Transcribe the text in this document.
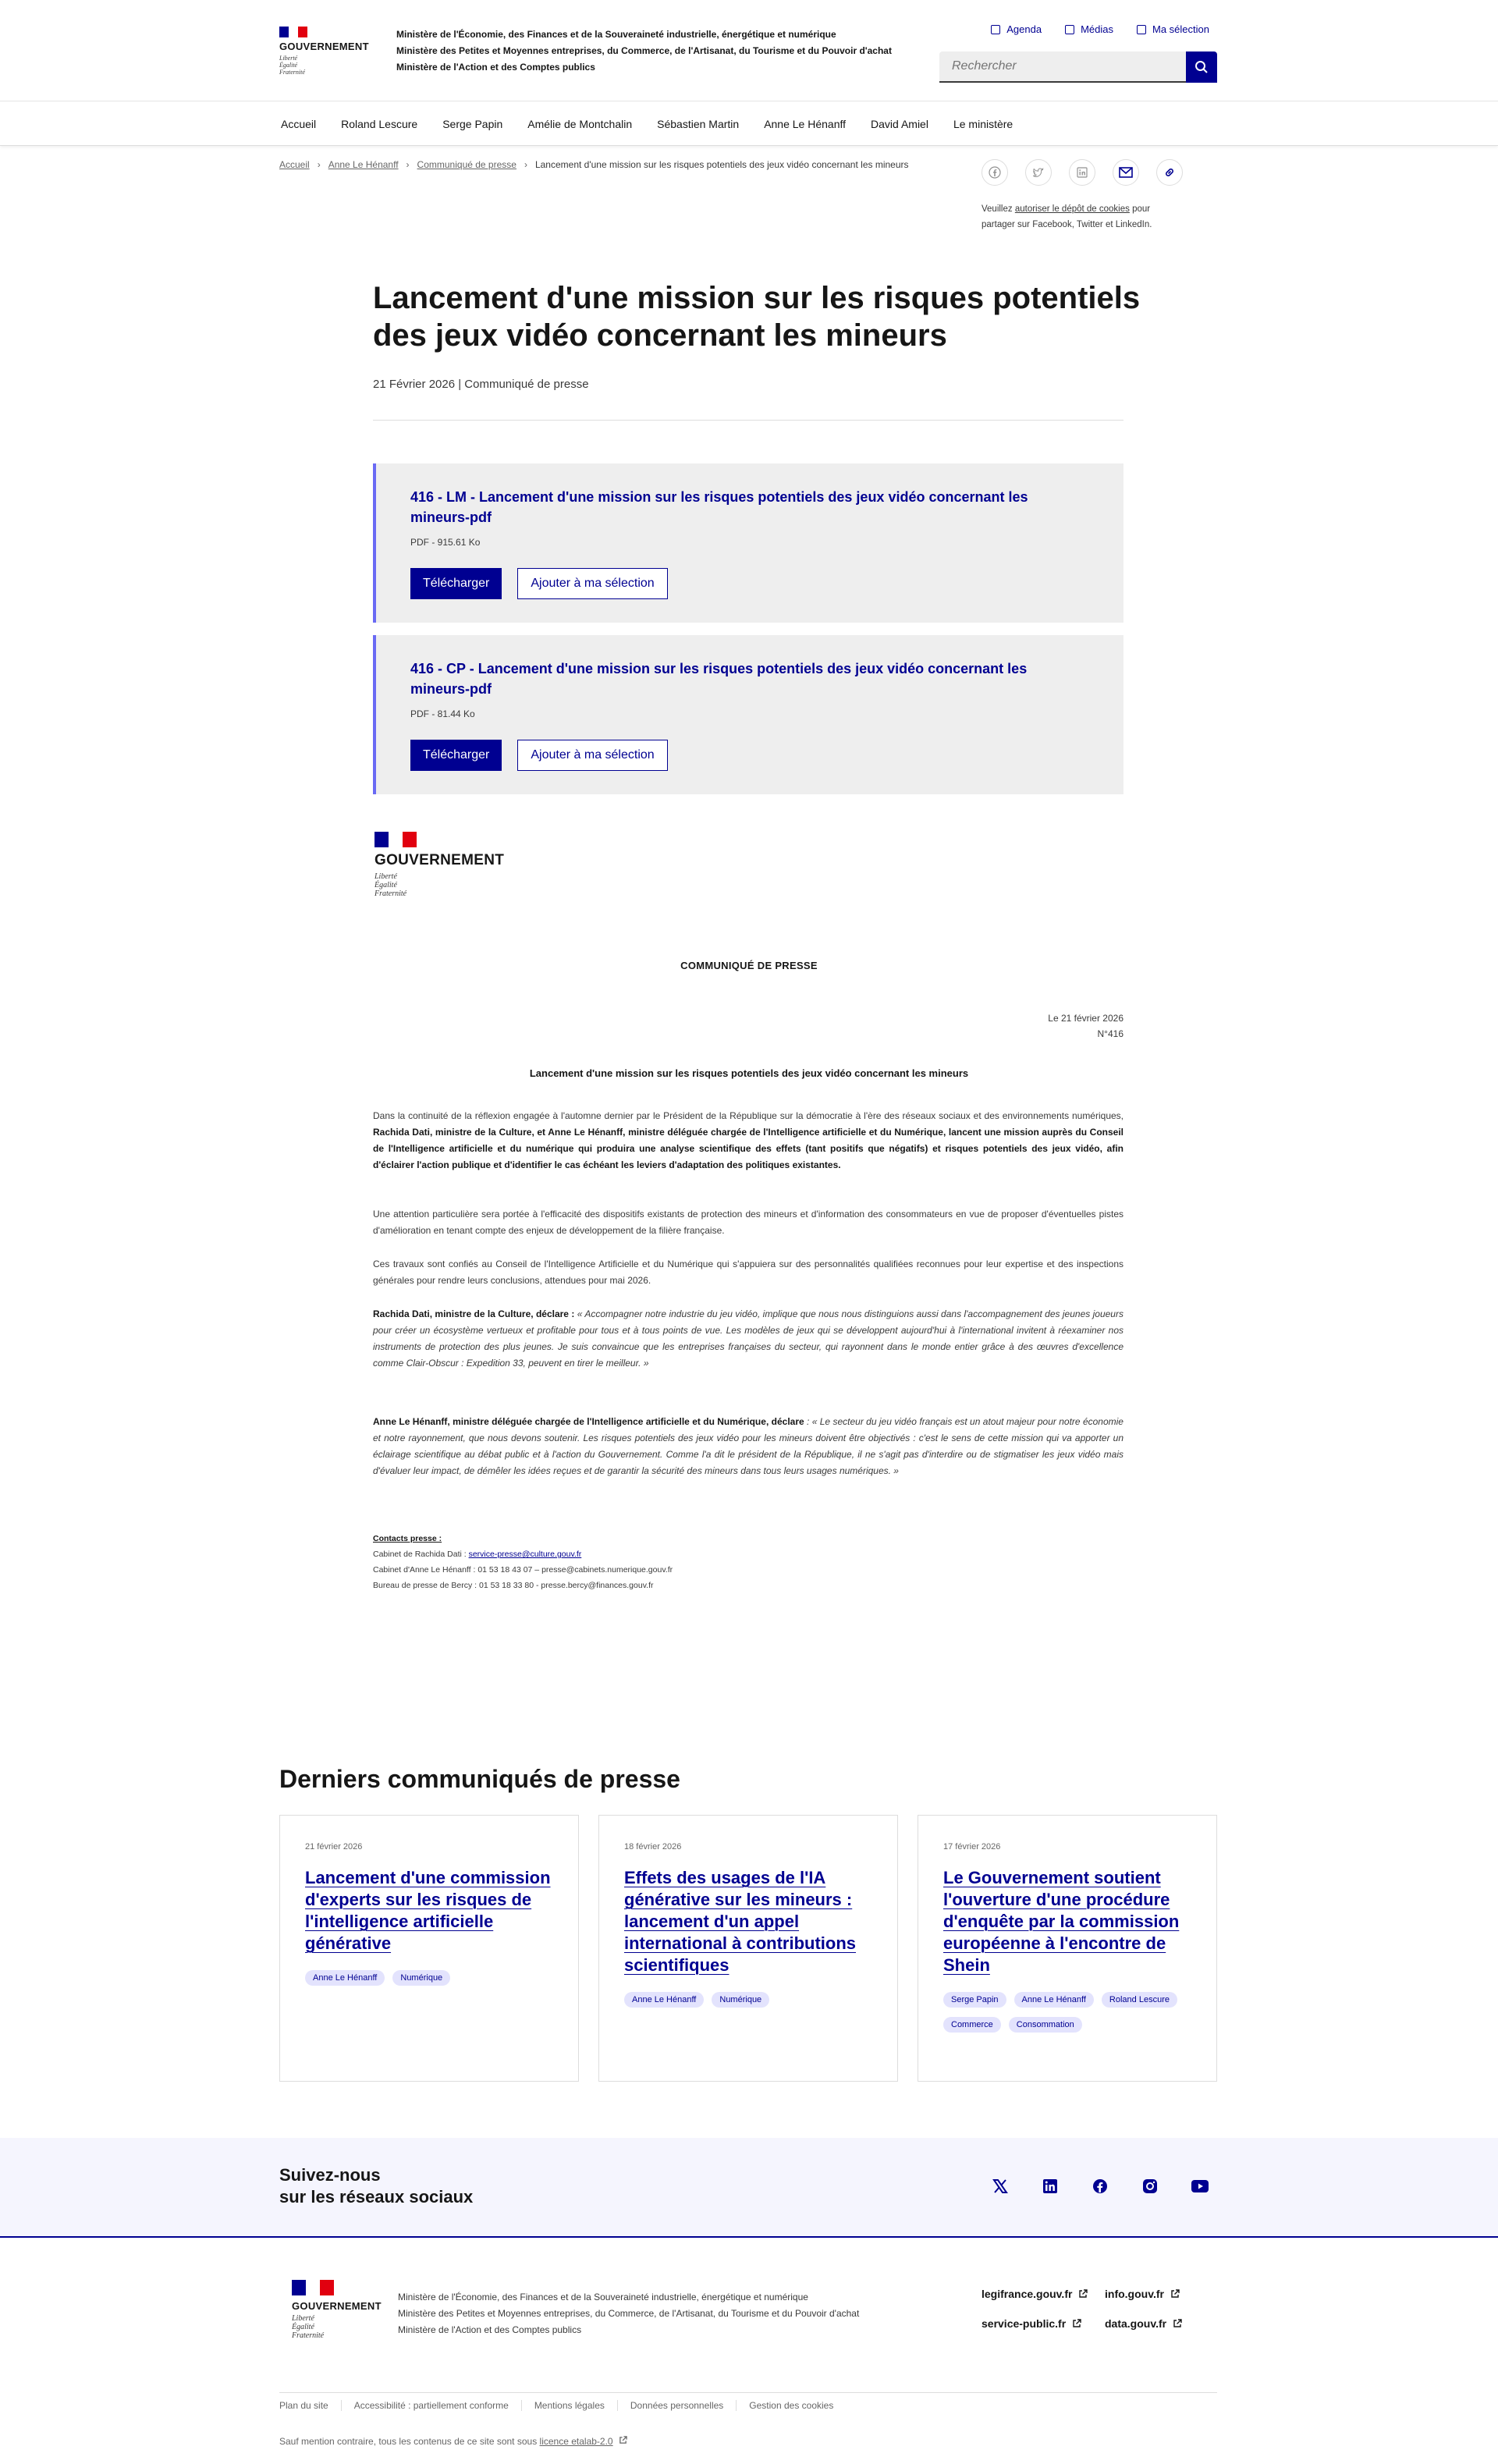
GOUVERNEMENT
Liberté
Égalité
Fraternité
Ministère de l'Économie, des Finances et de la Souveraineté industrielle, énergétique et numérique
Ministère des Petites et Moyennes entreprises, du Commerce, de l'Artisanat, du Tourisme et du Pouvoir d'achat
Ministère de l'Action et des Comptes publics
Agenda	Médias	Ma sélection
Rechercher
Accueil Roland Lescure Serge Papin Amélie de Montchalin Sébastien Martin Anne Le Hénanff David Amiel Le ministère
Accueil › Anne Le Hénanff › Communiqué de presse › Lancement d'une mission sur les risques potentiels des jeux vidéo concernant les mineurs
Veuillez autoriser le dépôt de cookies pour partager sur Facebook, Twitter et LinkedIn.
Lancement d'une mission sur les risques potentiels des jeux vidéo concernant les mineurs
21 Février 2026 | Communiqué de presse
416 - LM - Lancement d'une mission sur les risques potentiels des jeux vidéo concernant les mineurs-pdf
PDF - 915.61 Ko
Télécharger	Ajouter à ma sélection
416 - CP - Lancement d'une mission sur les risques potentiels des jeux vidéo concernant les mineurs-pdf
PDF - 81.44 Ko
Télécharger	Ajouter à ma sélection
GOUVERNEMENT
Liberté
Égalité
Fraternité
COMMUNIQUÉ DE PRESSE
Le 21 février 2026
N°416
Lancement d'une mission sur les risques potentiels des jeux vidéo concernant les mineurs
Dans la continuité de la réflexion engagée à l'automne dernier par le Président de la République sur la démocratie à l'ère des réseaux sociaux et des environnements numériques, Rachida Dati, ministre de la Culture, et Anne Le Hénanff, ministre déléguée chargée de l'Intelligence artificielle et du Numérique, lancent une mission auprès du Conseil de l'Intelligence artificielle et du numérique qui produira une analyse scientifique des effets (tant positifs que négatifs) et risques potentiels des jeux vidéo, afin d'éclairer l'action publique et d'identifier le cas échéant les leviers d'adaptation des politiques existantes.
Une attention particulière sera portée à l'efficacité des dispositifs existants de protection des mineurs et d'information des consommateurs en vue de proposer d'éventuelles pistes d'amélioration en tenant compte des enjeux de développement de la filière française.
Ces travaux sont confiés au Conseil de l'Intelligence Artificielle et du Numérique qui s'appuiera sur des personnalités qualifiées reconnues pour leur expertise et des inspections générales pour rendre leurs conclusions, attendues pour mai 2026.
Rachida Dati, ministre de la Culture, déclare : « Accompagner notre industrie du jeu vidéo, implique que nous nous distinguions aussi dans l'accompagnement des jeunes joueurs pour créer un écosystème vertueux et profitable pour tous et à tous points de vue. Les modèles de jeux qui se développent aujourd'hui à l'international invitent à réexaminer nos instruments de protection des plus jeunes. Je suis convaincue que les entreprises françaises du secteur, qui rayonnent dans le monde entier grâce à des œuvres d'excellence comme Clair-Obscur : Expedition 33, peuvent en tirer le meilleur. »
Anne Le Hénanff, ministre déléguée chargée de l'Intelligence artificielle et du Numérique, déclare : « Le secteur du jeu vidéo français est un atout majeur pour notre économie et notre rayonnement, que nous devons soutenir. Les risques potentiels des jeux vidéo pour les mineurs doivent être objectivés : c'est le sens de cette mission qui va apporter un éclairage scientifique au débat public et à l'action du Gouvernement. Comme l'a dit le président de la République, il ne s'agit pas d'interdire ou de stigmatiser les jeux vidéo mais d'évaluer leur impact, de démêler les idées reçues et de garantir la sécurité des mineurs dans tous leurs usages numériques. »
Contacts presse :
Cabinet de Rachida Dati : service-presse@culture.gouv.fr
Cabinet d'Anne Le Hénanff : 01 53 18 43 07 – presse@cabinets.numerique.gouv.fr
Bureau de presse de Bercy : 01 53 18 33 80 - presse.bercy@finances.gouv.fr
Derniers communiqués de presse
21 février 2026
Lancement d'une commission d'experts sur les risques de l'intelligence artificielle générative
Anne Le Hénanff	Numérique
18 février 2026
Effets des usages de l'IA générative sur les mineurs : lancement d'un appel international à contributions scientifiques
Anne Le Hénanff	Numérique
17 février 2026
Le Gouvernement soutient l'ouverture d'une procédure d'enquête par la commission européenne à l'encontre de Shein
Serge Papin	Anne Le Hénanff	Roland Lescure
Commerce	Consommation
Suivez-nous
sur les réseaux sociaux
GOUVERNEMENT
Liberté
Égalité
Fraternité
Ministère de l'Économie, des Finances et de la Souveraineté industrielle, énergétique et numérique
Ministère des Petites et Moyennes entreprises, du Commerce, de l'Artisanat, du Tourisme et du Pouvoir d'achat
Ministère de l'Action et des Comptes publics
legifrance.gouv.fr	info.gouv.fr
service-public.fr	data.gouv.fr
Plan du site	Accessibilité : partiellement conforme	Mentions légales	Données personnelles	Gestion des cookies
Sauf mention contraire, tous les contenus de ce site sont sous licence etalab-2.0
